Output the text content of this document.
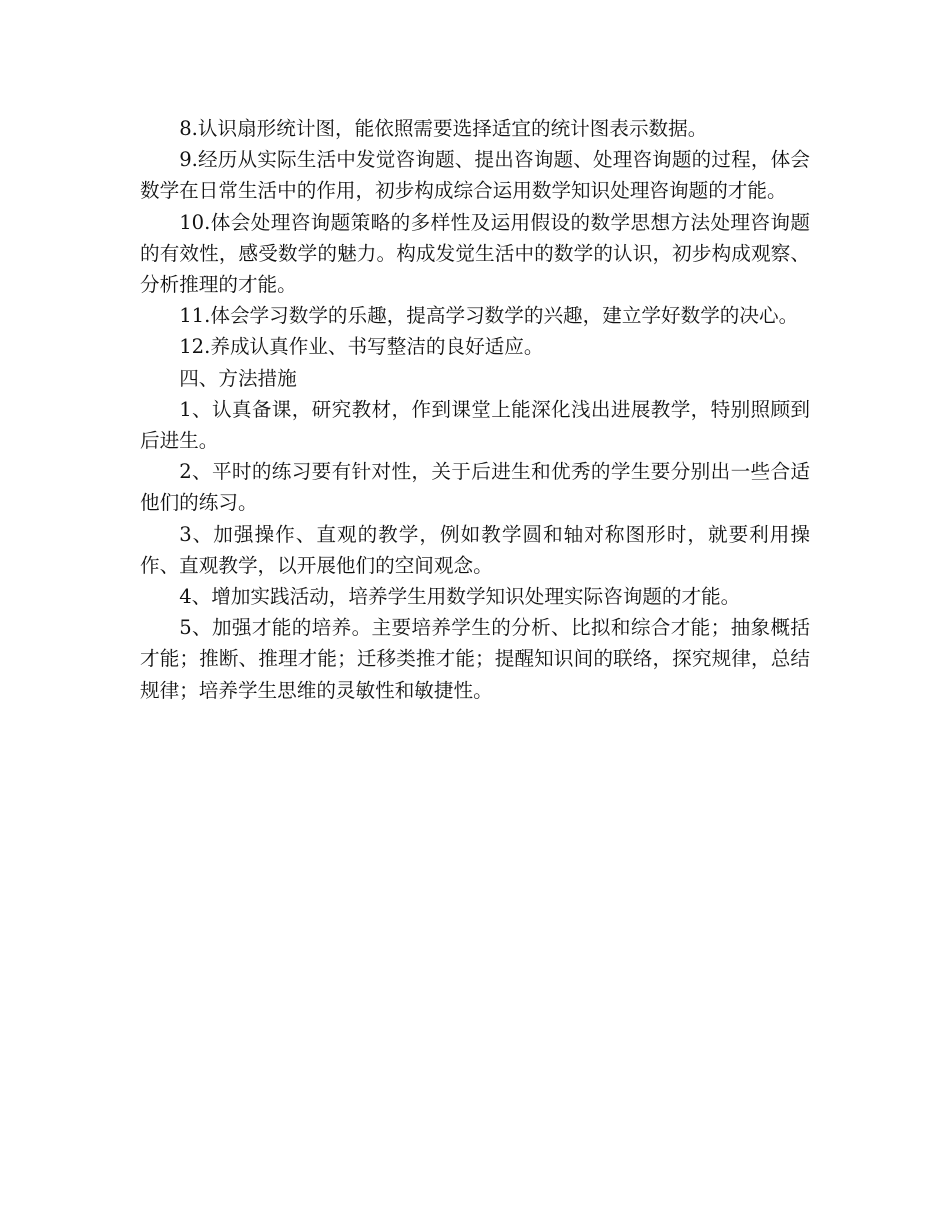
8.认识扇形统计图，能依照需要选择适宜的统计图表示数据。

9.经历从实际生活中发觉咨询题、提出咨询题、处理咨询题的过程，体会数学在日常生活中的作用，初步构成综合运用数学知识处理咨询题的才能。

10.体会处理咨询题策略的多样性及运用假设的数学思想方法处理咨询题的有效性，感受数学的魅力。构成发觉生活中的数学的认识，初步构成观察、分析推理的才能。

11.体会学习数学的乐趣，提高学习数学的兴趣，建立学好数学的决心。

12.养成认真作业、书写整洁的良好适应。

四、方法措施

1、认真备课，研究教材，作到课堂上能深化浅出进展教学，特别照顾到后进生。

2、平时的练习要有针对性，关于后进生和优秀的学生要分别出一些合适他们的练习。

3、加强操作、直观的教学，例如教学圆和轴对称图形时，就要利用操作、直观教学，以开展他们的空间观念。

4、增加实践活动，培养学生用数学知识处理实际咨询题的才能。

5、加强才能的培养。主要培养学生的分析、比拟和综合才能；抽象概括才能；推断、推理才能；迁移类推才能；提醒知识间的联络，探究规律，总结规律；培养学生思维的灵敏性和敏捷性。
